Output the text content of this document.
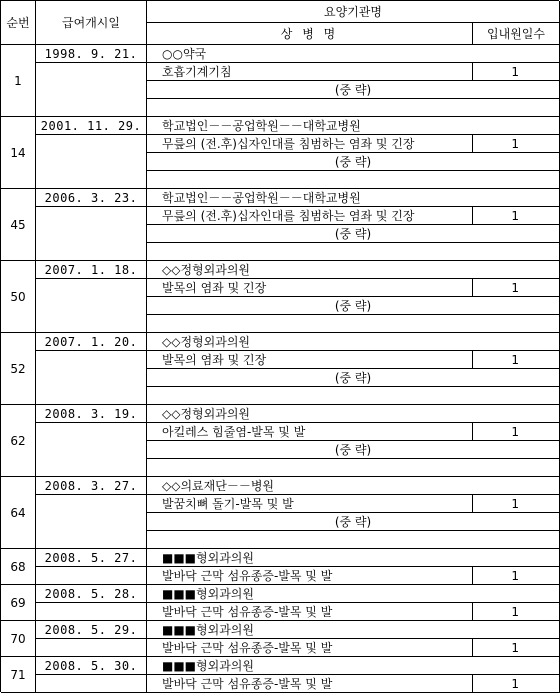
순번	급여개시일
요양기관명
상 병 명	입내원일수
1
1998. 9. 21.	○○약국
호흡기계기침	1
(중 략)
14
2001. 11. 29.	학교법인－－공업학원－－대학교병원
무릎의 (전.후)십자인대를 침범하는 염좌 및 긴장	1
(중 략)
45
2006. 3. 23.	학교법인－－공업학원－－대학교병원
무릎의 (전.후)십자인대를 침범하는 염좌 및 긴장	1
(중 략)
50
2007. 1. 18.	◇◇정형외과의원
발목의 염좌 및 긴장	1
(중 략)
52
2007. 1. 20.	◇◇정형외과의원
발목의 염좌 및 긴장	1
(중 략)
62
2008. 3. 19.	◇◇정형외과의원
아킬레스 힘줄염-발목 및 발	1
(중 략)
64
2008. 3. 27.	◇◇의료재단－－병원
발꿈치뼈 돌기-발목 및 발	1
(중 략)
68
2008. 5. 27.	■■■형외과의원
발바닥 근막 섬유종증-발목 및 발	1
69
2008. 5. 28.	■■■형외과의원
발바닥 근막 섬유종증-발목 및 발	1
70
2008. 5. 29.	■■■형외과의원
발바닥 근막 섬유종증-발목 및 발	1
71
2008. 5. 30.	■■■형외과의원
발바닥 근막 섬유종증-발목 및 발	1
